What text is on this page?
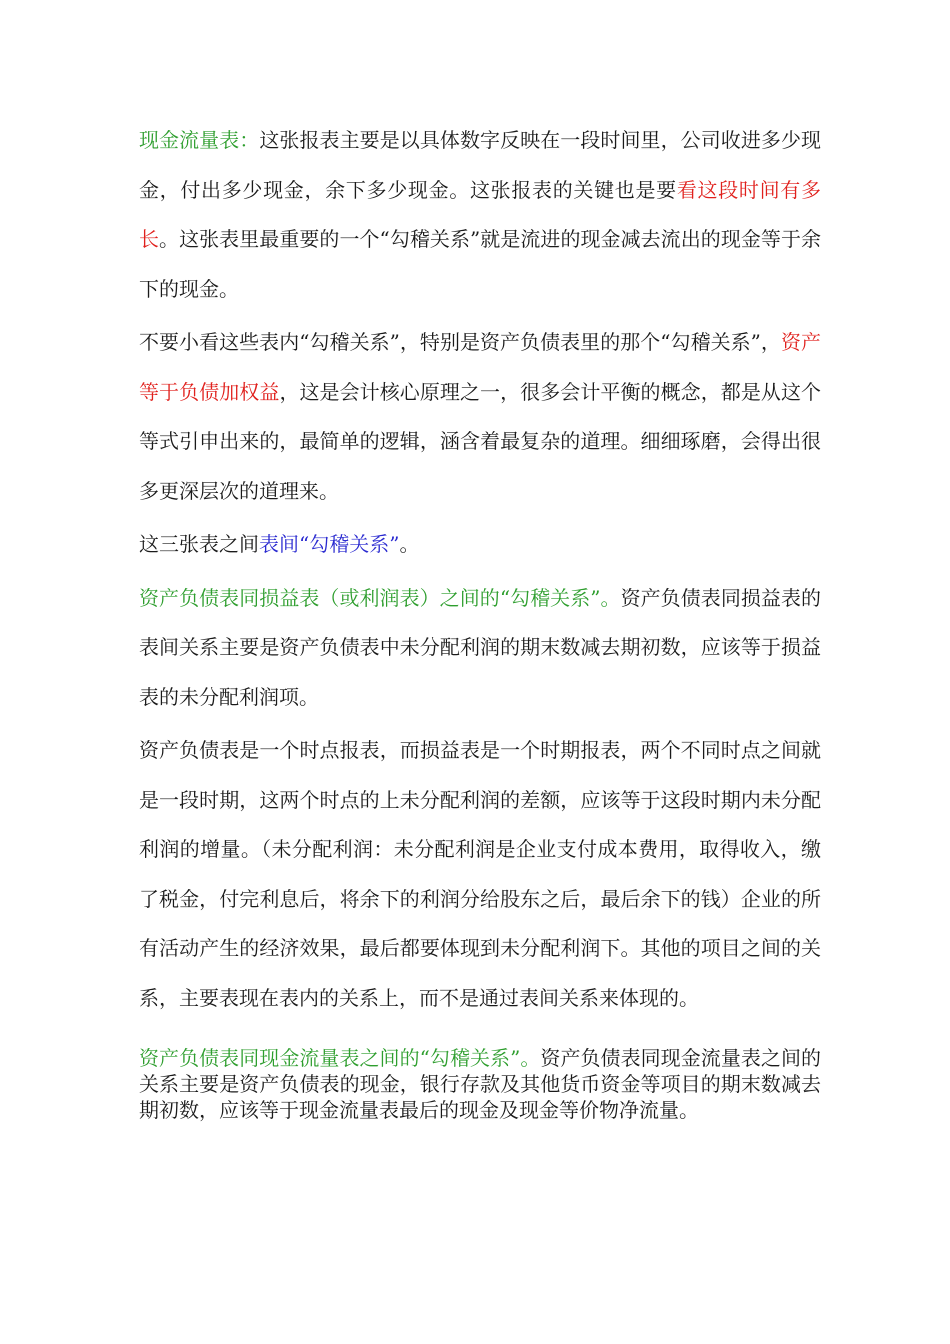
现金流量表：这张报表主要是以具体数字反映在一段时间里，公司收进多少现金，付出多少现金，余下多少现金。这张报表的关键也是要看这段时间有多长。这张表里最重要的一个“勾稽关系”就是流进的现金减去流出的现金等于余下的现金。

不要小看这些表内“勾稽关系”，特别是资产负债表里的那个“勾稽关系”，资产等于负债加权益，这是会计核心原理之一，很多会计平衡的概念，都是从这个等式引申出来的，最简单的逻辑，涵含着最复杂的道理。细细琢磨，会得出很多更深层次的道理来。

这三张表之间表间“勾稽关系”。

资产负债表同损益表（或利润表）之间的“勾稽关系”。资产负债表同损益表的表间关系主要是资产负债表中未分配利润的期末数减去期初数，应该等于损益表的未分配利润项。

资产负债表是一个时点报表，而损益表是一个时期报表，两个不同时点之间就是一段时期，这两个时点的上未分配利润的差额，应该等于这段时期内未分配利润的增量。（未分配利润：未分配利润是企业支付成本费用，取得收入，缴了税金，付完利息后，将余下的利润分给股东之后，最后余下的钱）企业的所有活动产生的经济效果，最后都要体现到未分配利润下。其他的项目之间的关系，主要表现在表内的关系上，而不是通过表间关系来体现的。

资产负债表同现金流量表之间的“勾稽关系”。资产负债表同现金流量表之间的关系主要是资产负债表的现金，银行存款及其他货币资金等项目的期末数减去期初数，应该等于现金流量表最后的现金及现金等价物净流量。
